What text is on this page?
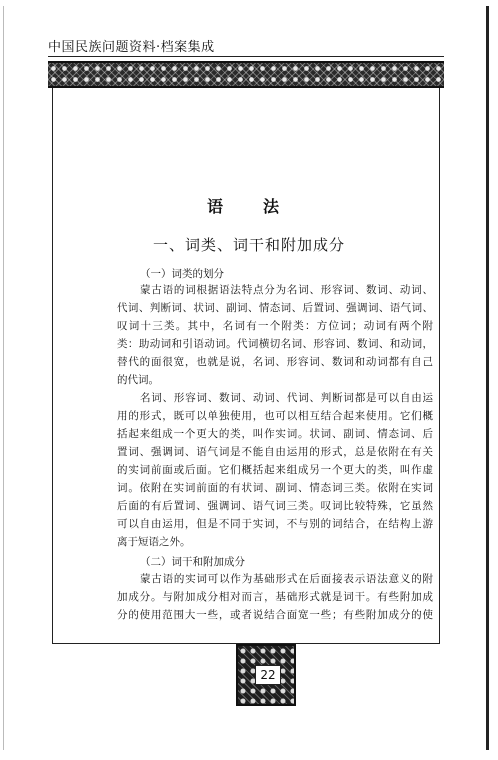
中国民族问题资料·档案集成
语　法
一、词类、词干和附加成分
（一）词类的划分
蒙古语的词根据语法特点分为名词、形容词、数词、动词、
代词、判断词、状词、副词、情态词、后置词、强调词、语气词、
叹词十三类。其中，名词有一个附类：方位词；动词有两个附
类：助动词和引语动词。代词横切名词、形容词、数词、和动词，
替代的面很宽，也就是说，名词、形容词、数词和动词都有自己
的代词。
名词、形容词、数词、动词、代词、判断词都是可以自由运
用的形式，既可以单独使用，也可以相互结合起来使用。它们概
括起来组成一个更大的类，叫作实词。状词、副词、情态词、后
置词、强调词、语气词是不能自由运用的形式，总是依附在有关
的实词前面或后面。它们概括起来组成另一个更大的类，叫作虚
词。依附在实词前面的有状词、副词、情态词三类。依附在实词
后面的有后置词、强调词、语气词三类。叹词比较特殊，它虽然
可以自由运用，但是不同于实词，不与别的词结合，在结构上游
离于短语之外。
（二）词干和附加成分
蒙古语的实词可以作为基础形式在后面接表示语法意义的附
加成分。与附加成分相对而言，基础形式就是词干。有些附加成
分的使用范围大一些，或者说结合面宽一些；有些附加成分的使
22
